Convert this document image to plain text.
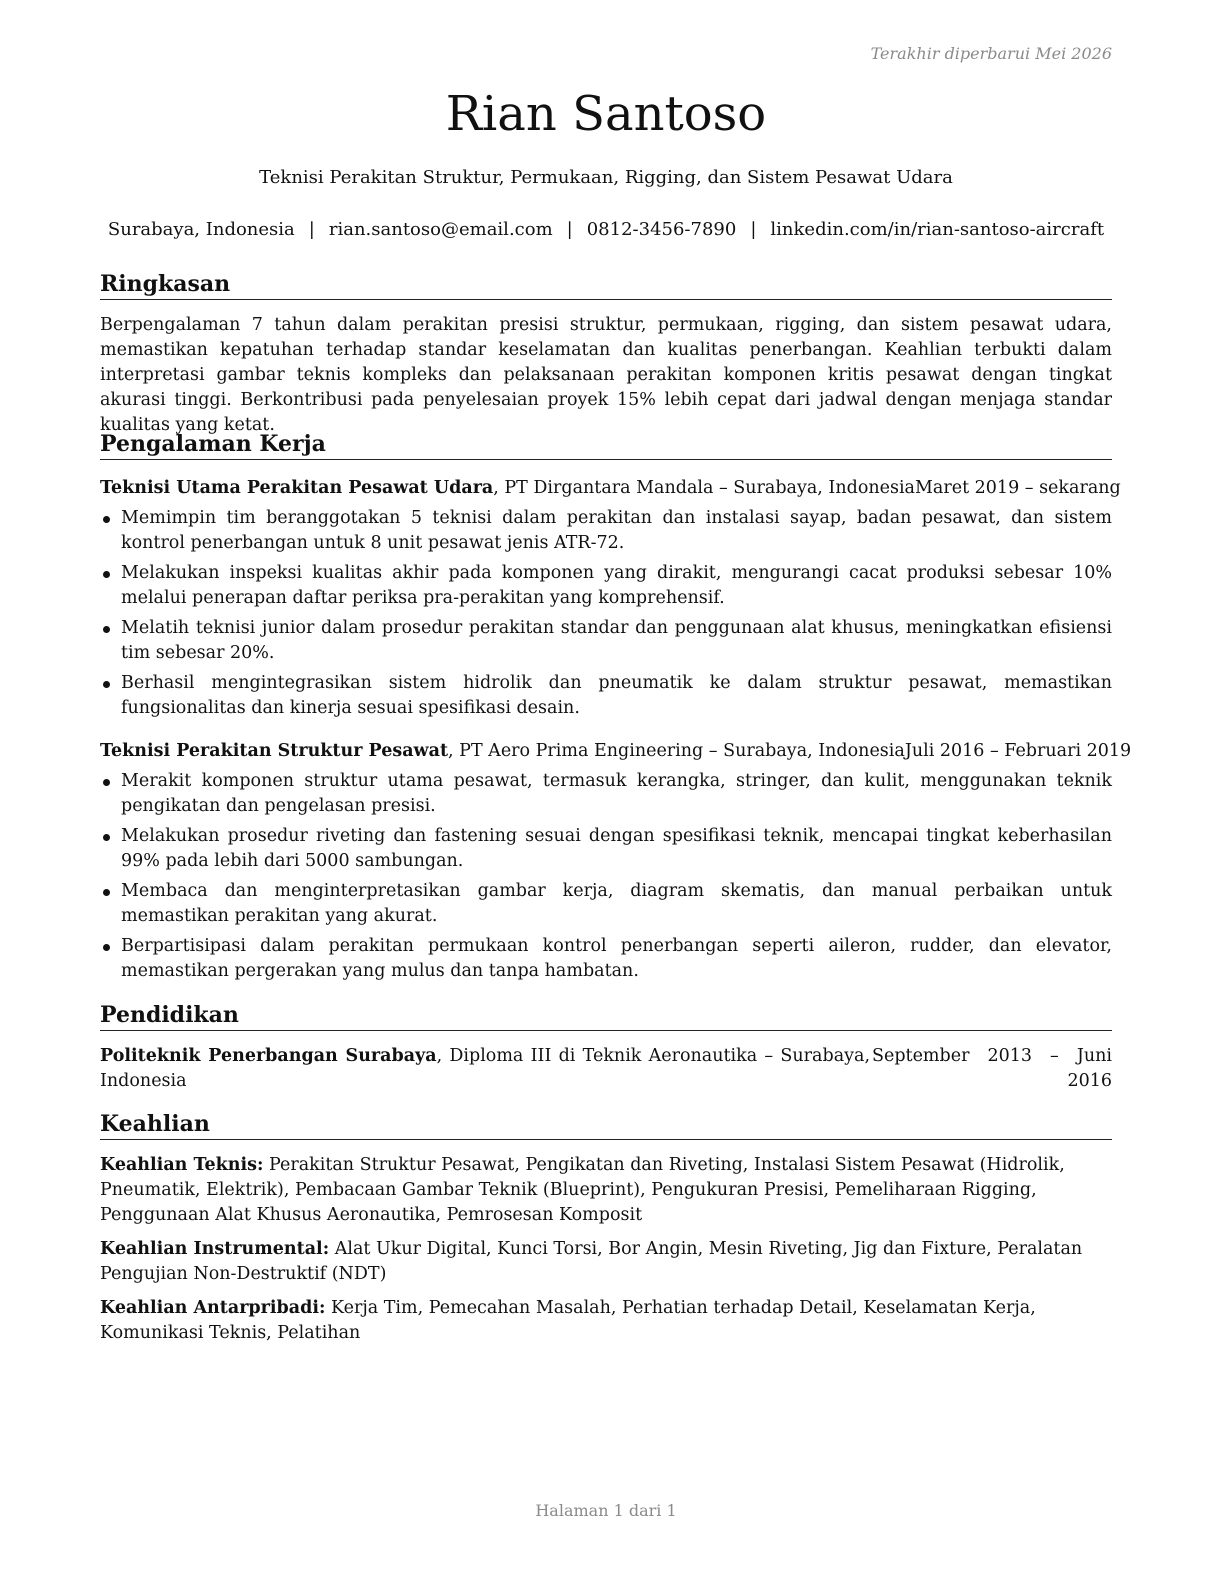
Terakhir diperbarui Mei 2026
Rian Santoso
Teknisi Perakitan Struktur, Permukaan, Rigging, dan Sistem Pesawat Udara
Surabaya, Indonesia | rian.santoso@email.com | 0812-3456-7890 | linkedin.com/in/rian-santoso-aircraft
Ringkasan

Berpengalaman 7 tahun dalam perakitan presisi struktur, permukaan, rigging, dan sistem pesawat udara, memastikan kepatuhan terhadap standar keselamatan dan kualitas penerbangan. Keahlian terbukti dalam interpretasi gambar teknis kompleks dan pelaksanaan perakitan komponen kritis pesawat dengan tingkat akurasi tinggi. Berkontribusi pada penyelesaian proyek 15% lebih cepat dari jadwal dengan menjaga standar kualitas yang ketat.

Pengalaman Kerja
Teknisi Utama Perakitan Pesawat Udara, PT Dirgantara Mandala – Surabaya, Indonesia Maret 2019 – sekarang
Memimpin tim beranggotakan 5 teknisi dalam perakitan dan instalasi sayap, badan pesawat, dan sistem kontrol penerbangan untuk 8 unit pesawat jenis ATR-72.
Melakukan inspeksi kualitas akhir pada komponen yang dirakit, mengurangi cacat produksi sebesar 10% melalui penerapan daftar periksa pra-perakitan yang komprehensif.
Melatih teknisi junior dalam prosedur perakitan standar dan penggunaan alat khusus, meningkatkan efisiensi tim sebesar 20%.
Berhasil mengintegrasikan sistem hidrolik dan pneumatik ke dalam struktur pesawat, memastikan fungsionalitas dan kinerja sesuai spesifikasi desain.
Teknisi Perakitan Struktur Pesawat, PT Aero Prima Engineering – Surabaya, Indonesia Juli 2016 – Februari 2019
Merakit komponen struktur utama pesawat, termasuk kerangka, stringer, dan kulit, menggunakan teknik pengikatan dan pengelasan presisi.
Melakukan prosedur riveting dan fastening sesuai dengan spesifikasi teknik, mencapai tingkat keberhasilan 99% pada lebih dari 5000 sambungan.
Membaca dan menginterpretasikan gambar kerja, diagram skematis, dan manual perbaikan untuk memastikan perakitan yang akurat.
Berpartisipasi dalam perakitan permukaan kontrol penerbangan seperti aileron, rudder, dan elevator, memastikan pergerakan yang mulus dan tanpa hambatan.
Pendidikan
Politeknik Penerbangan Surabaya, Diploma III di Teknik Aeronautika – Surabaya, Indonesia
September 2013 – Juni 2016
Keahlian

Keahlian Teknis: Perakitan Struktur Pesawat, Pengikatan dan Riveting, Instalasi Sistem Pesawat (Hidrolik, Pneumatik, Elektrik), Pembacaan Gambar Teknik (Blueprint), Pengukuran Presisi, Pemeliharaan Rigging, Penggunaan Alat Khusus Aeronautika, Pemrosesan Komposit

Keahlian Instrumental: Alat Ukur Digital, Kunci Torsi, Bor Angin, Mesin Riveting, Jig dan Fixture, Peralatan Pengujian Non-Destruktif (NDT)

Keahlian Antarpribadi: Kerja Tim, Pemecahan Masalah, Perhatian terhadap Detail, Keselamatan Kerja, Komunikasi Teknis, Pelatihan

Halaman 1 dari 1
